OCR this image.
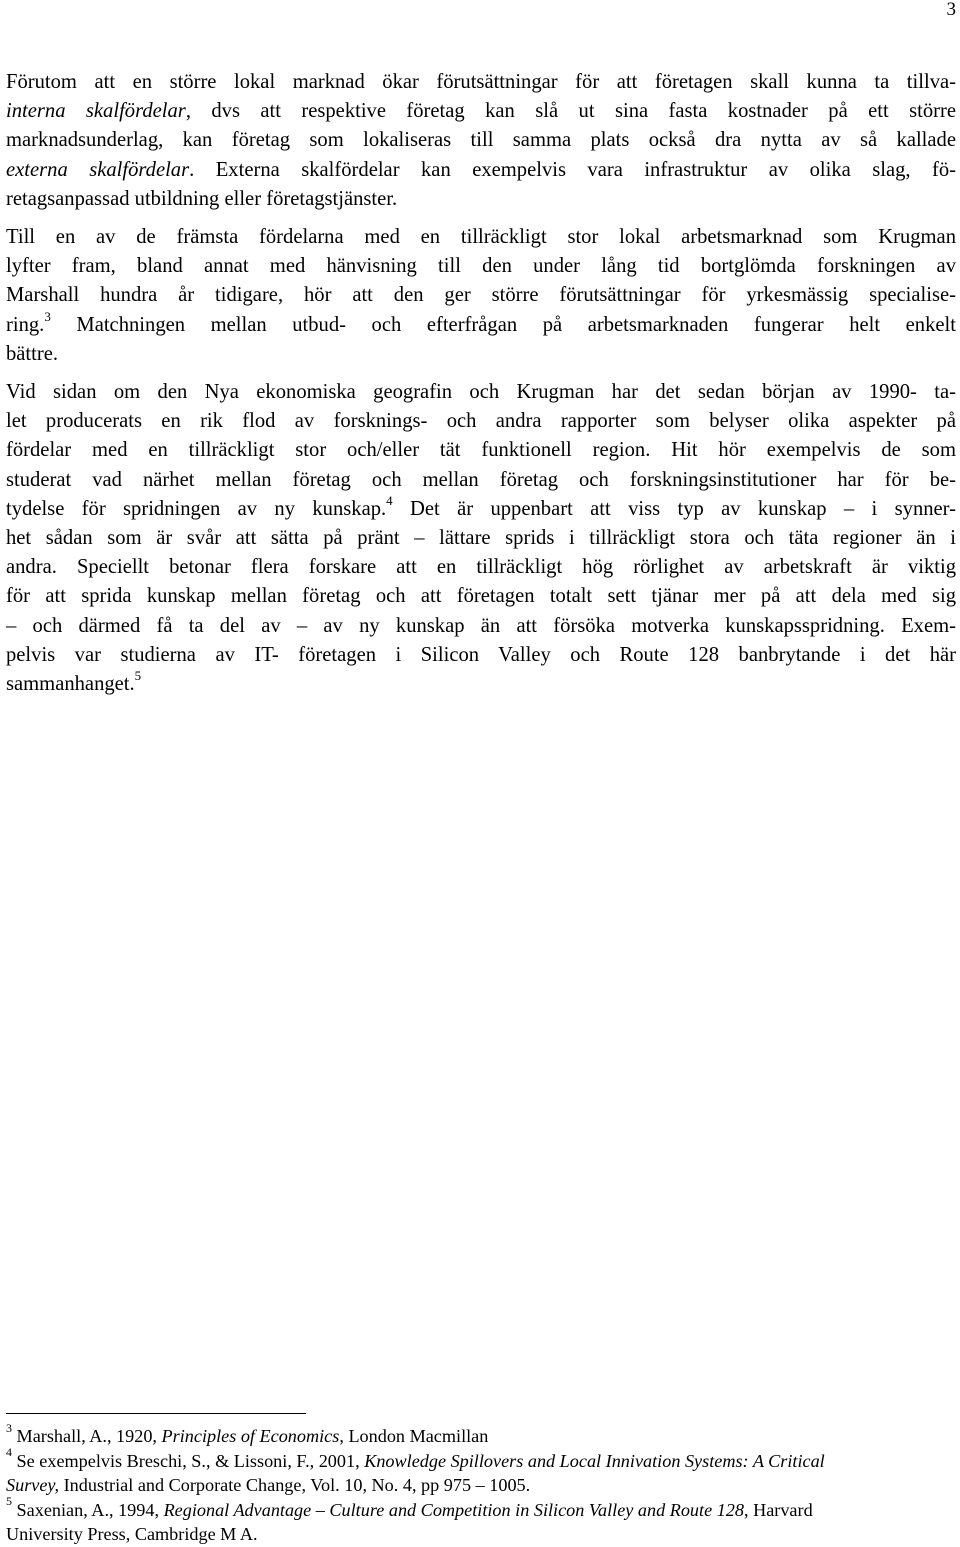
3

Förutom att en större lokal marknad ökar förutsättningar för att företagen skall kunna ta tillva-
interna skalfördelar, dvs att respektive företag kan slå ut sina fasta kostnader på ett större
marknadsunderlag, kan företag som lokaliseras till samma plats också dra nytta av så kallade
externa skalfördelar. Externa skalfördelar kan exempelvis vara infrastruktur av olika slag, fö-
retagsanpassad utbildning eller företagstjänster.

Till en av de främsta fördelarna med en tillräckligt stor lokal arbetsmarknad som Krugman
lyfter fram, bland annat med hänvisning till den under lång tid bortglömda forskningen av
Marshall hundra år tidigare, hör att den ger större förutsättningar för yrkesmässig specialise-
ring.$^3$ Matchningen mellan utbud- och efterfrågan på arbetsmarknaden fungerar helt enkelt
bättre.

Vid sidan om den Nya ekonomiska geografin och Krugman har det sedan början av 1990- ta-
let producerats en rik flod av forsknings- och andra rapporter som belyser olika aspekter på
fördelar med en tillräckligt stor och/eller tät funktionell region. Hit hör exempelvis de som
studerat vad närhet mellan företag och mellan företag och forskningsinstitutioner har för be-
tydelse för spridningen av ny kunskap.$^4$ Det är uppenbart att viss typ av kunskap – i synner-
het sådan som är svår att sätta på pränt – lättare sprids i tillräckligt stora och täta regioner än i
andra. Speciellt betonar flera forskare att en tillräckligt hög rörlighet av arbetskraft är viktig
för att sprida kunskap mellan företag och att företagen totalt sett tjänar mer på att dela med sig
– och därmed få ta del av – av ny kunskap än att försöka motverka kunskapsspridning. Exem-
pelvis var studierna av IT- företagen i Silicon Valley och Route 128 banbrytande i det här
sammanhanget.$^5$

$^3$ Marshall, A., 1920, Principles of Economics, London Macmillan
$^4$ Se exempelvis Breschi, S., & Lissoni, F., 2001, Knowledge Spillovers and Local Innivation Systems: A Critical
Survey, Industrial and Corporate Change, Vol. 10, No. 4, pp 975 – 1005.
$^5$ Saxenian, A., 1994, Regional Advantage – Culture and Competition in Silicon Valley and Route 128, Harvard
University Press, Cambridge M A.
